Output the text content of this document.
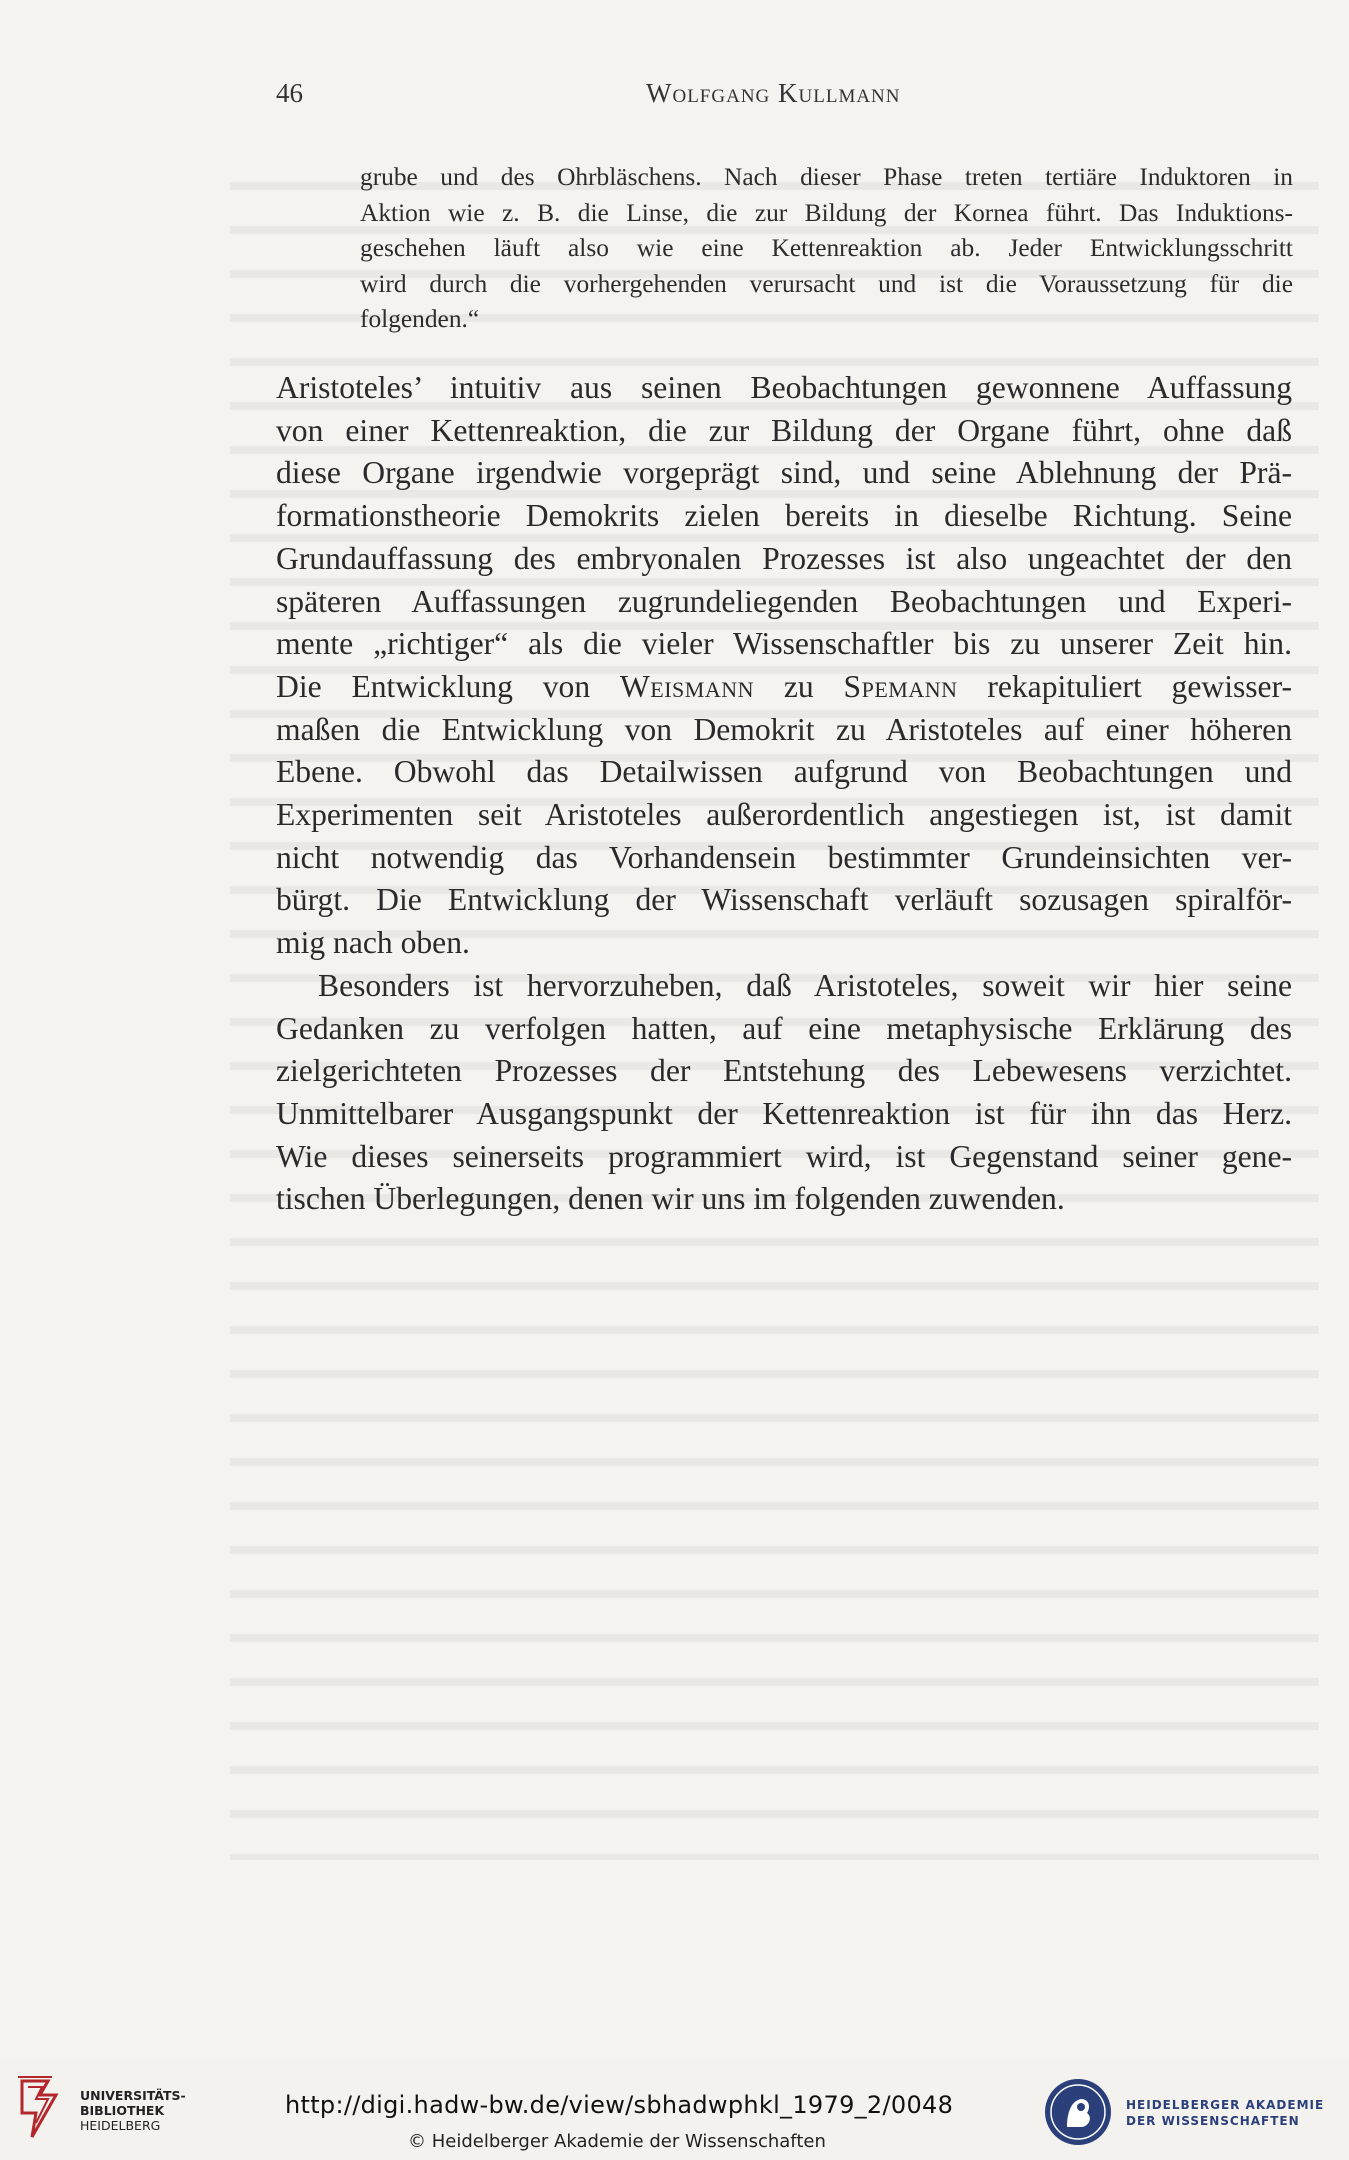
46	Wolfgang Kullmann
grube und des Ohrbläschens. Nach dieser Phase treten tertiäre Induktoren in
Aktion wie z. B. die Linse, die zur Bildung der Kornea führt. Das Induktions-
geschehen läuft also wie eine Kettenreaktion ab. Jeder Entwicklungsschritt
wird durch die vorhergehenden verursacht und ist die Voraussetzung für die
folgenden.“
Aristoteles’ intuitiv aus seinen Beobachtungen gewonnene Auffassung
von einer Kettenreaktion, die zur Bildung der Organe führt, ohne daß
diese Organe irgendwie vorgeprägt sind, und seine Ablehnung der Prä-
formationstheorie Demokrits zielen bereits in dieselbe Richtung. Seine
Grundauffassung des embryonalen Prozesses ist also ungeachtet der den
späteren Auffassungen zugrundeliegenden Beobachtungen und Experi-
mente „richtiger“ als die vieler Wissenschaftler bis zu unserer Zeit hin.
Die Entwicklung von Weismann zu Spemann rekapituliert gewisser-
maßen die Entwicklung von Demokrit zu Aristoteles auf einer höheren
Ebene. Obwohl das Detailwissen aufgrund von Beobachtungen und
Experimenten seit Aristoteles außerordentlich angestiegen ist, ist damit
nicht notwendig das Vorhandensein bestimmter Grundeinsichten ver-
bürgt. Die Entwicklung der Wissenschaft verläuft sozusagen spiralför-
mig nach oben.
Besonders ist hervorzuheben, daß Aristoteles, soweit wir hier seine
Gedanken zu verfolgen hatten, auf eine metaphysische Erklärung des
zielgerichteten Prozesses der Entstehung des Lebewesens verzichtet.
Unmittelbarer Ausgangspunkt der Kettenreaktion ist für ihn das Herz.
Wie dieses seinerseits programmiert wird, ist Gegenstand seiner gene-
tischen Überlegungen, denen wir uns im folgenden zuwenden.
UNIVERSITÄTS-
BIBLIOTHEK
HEIDELBERG
http://digi.hadw-bw.de/view/sbhadwphkl_1979_2/0048
© Heidelberger Akademie der Wissenschaften
HEIDELBERGER AKADEMIE
DER WISSENSCHAFTEN
